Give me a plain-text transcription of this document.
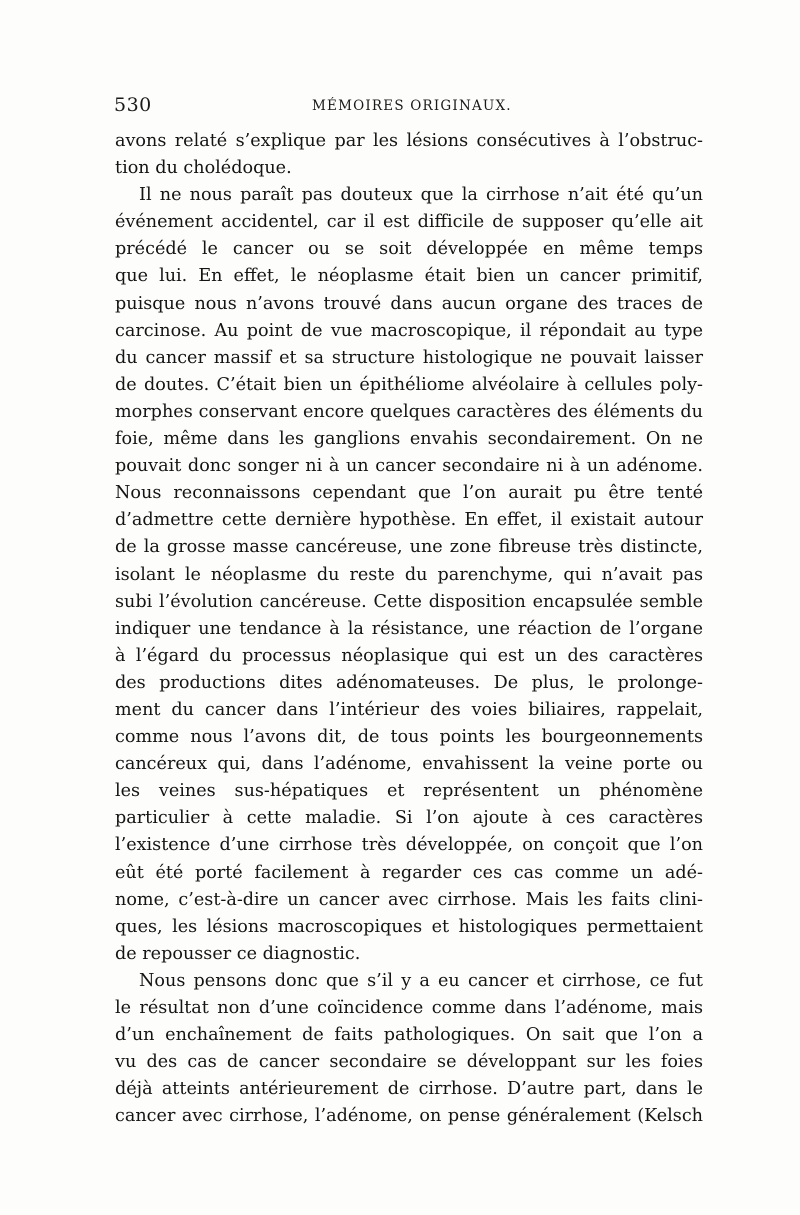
530	MÉMOIRES ORIGINAUX.
avons relaté s’explique par les lésions consécutives à l’obstruc-
tion du cholédoque.
Il ne nous paraît pas douteux que la cirrhose n’ait été qu’un
événement accidentel, car il est difficile de supposer qu’elle ait
précédé le cancer ou se soit développée en même temps
que lui. En effet, le néoplasme était bien un cancer primitif,
puisque nous n’avons trouvé dans aucun organe des traces de
carcinose. Au point de vue macroscopique, il répondait au type
du cancer massif et sa structure histologique ne pouvait laisser
de doutes. C’était bien un épithéliome alvéolaire à cellules poly-
morphes conservant encore quelques caractères des éléments du
foie, même dans les ganglions envahis secondairement. On ne
pouvait donc songer ni à un cancer secondaire ni à un adénome.
Nous reconnaissons cependant que l’on aurait pu être tenté
d’admettre cette dernière hypothèse. En effet, il existait autour
de la grosse masse cancéreuse, une zone fibreuse très distincte,
isolant le néoplasme du reste du parenchyme, qui n’avait pas
subi l’évolution cancéreuse. Cette disposition encapsulée semble
indiquer une tendance à la résistance, une réaction de l’organe
à l’égard du processus néoplasique qui est un des caractères
des productions dites adénomateuses. De plus, le prolonge-
ment du cancer dans l’intérieur des voies biliaires, rappelait,
comme nous l’avons dit, de tous points les bourgeonnements
cancéreux qui, dans l’adénome, envahissent la veine porte ou
les veines sus-hépatiques et représentent un phénomène
particulier à cette maladie. Si l’on ajoute à ces caractères
l’existence d’une cirrhose très développée, on conçoit que l’on
eût été porté facilement à regarder ces cas comme un adé-
nome, c’est-à-dire un cancer avec cirrhose. Mais les faits clini-
ques, les lésions macroscopiques et histologiques permettaient
de repousser ce diagnostic.
Nous pensons donc que s’il y a eu cancer et cirrhose, ce fut
le résultat non d’une coïncidence comme dans l’adénome, mais
d’un enchaînement de faits pathologiques. On sait que l’on a
vu des cas de cancer secondaire se développant sur les foies
déjà atteints antérieurement de cirrhose. D’autre part, dans le
cancer avec cirrhose, l’adénome, on pense généralement (Kelsch
